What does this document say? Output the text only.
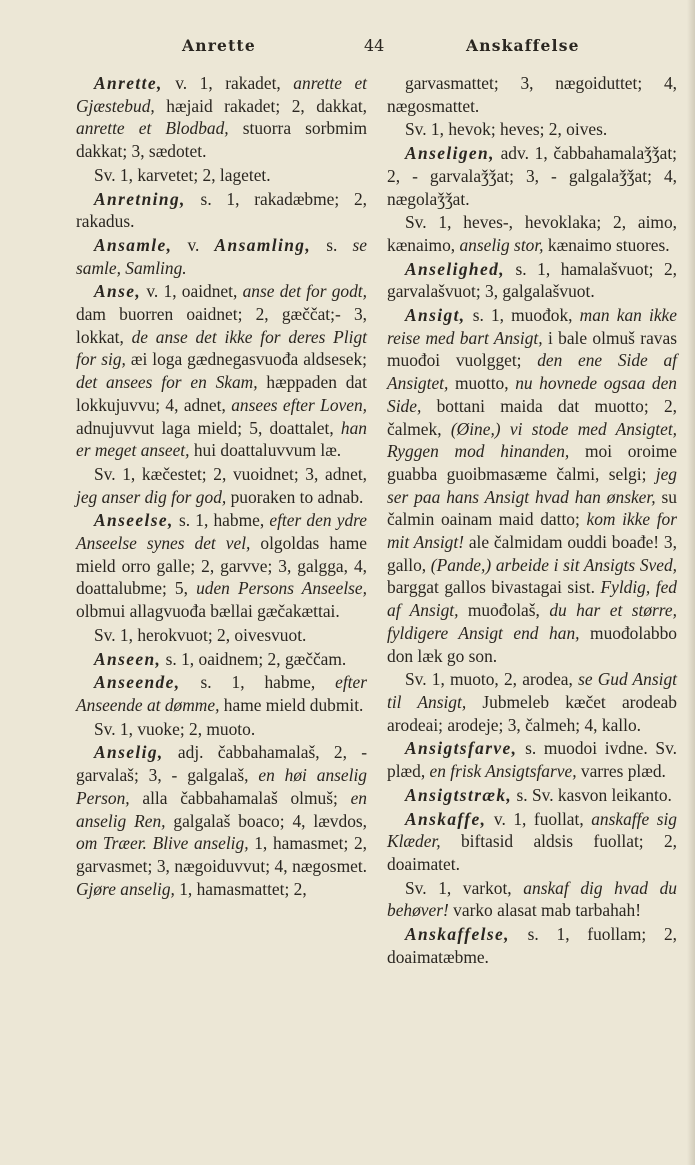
Anrette	44	Anskaffelse

Anrette, v. 1, rakadet, anrette et Gjæstebud, hæjaid rakadet; 2, dakkat, anrette et Blodbad, stuorra sorbmim dakkat; 3, sædotet.

Sv. 1, karvetet; 2, lagetet.

Anretning, s. 1, rakadæbme; 2, rakadus.

Ansamle, v. Ansamling, s. se samle, Samling.

Anse, v. 1, oaidnet, anse det for godt, dam buorren oaidnet; 2, gæččat;- 3, lokkat, de anse det ikke for deres Pligt for sig, æi loga gædnegasvuođa aldsesek; det ansees for en Skam, hæppaden dat lokkujuvvu; 4, adnet, ansees efter Loven, adnujuvvut laga mield; 5, doattalet, han er meget anseet, hui doattaluvvum læ.

Sv. 1, kæčestet; 2, vuoidnet; 3, adnet, jeg anser dig for god, puoraken to adnab.

Anseelse, s. 1, habme, efter den ydre Anseelse synes det vel, olgoldas hame mield orro galle; 2, garvve; 3, galgga, 4, doattalubme; 5, uden Persons Anseelse, olbmui allagvuođa bællai gæčakættai.

Sv. 1, herokvuot; 2, oivesvuot.

Anseen, s. 1, oaidnem; 2, gæččam.

Anseende, s. 1, habme, efter Anseende at dømme, hame mield dubmit.

Sv. 1, vuoke; 2, muoto.

Anselig, adj. čabbahamalaš, 2, - garvalaš; 3, - galgalaš, en høi anselig Person, alla čabbahamalaš olmuš; en anselig Ren, galgalaš boaco; 4, lævdos, om Træer. Blive anselig, 1, hamasmet; 2, garvasmet; 3, nægoiduvvut; 4, nægosmet. Gjøre anselig, 1, hamasmattet; 2,

garvasmattet; 3, nægoiduttet; 4, nægosmattet.

Sv. 1, hevok; heves; 2, oives.

Anseligen, adv. 1, čabbahamalaǯǯat; 2, - garvalaǯǯat; 3, - galgalaǯǯat; 4, nægolaǯǯat.

Sv. 1, heves-, hevoklaka; 2, aimo, kænaimo, anselig stor, kænaimo stuores.

Anselighed, s. 1, hamalašvuot; 2, garvalašvuot; 3, galgalašvuot.

Ansigt, s. 1, muođok, man kan ikke reise med bart Ansigt, i bale olmuš ravas muođoi vuolgget; den ene Side af Ansigtet, muotto, nu hovnede ogsaa den Side, bottani maida dat muotto; 2, čalmek, (Øine,) vi stode med Ansigtet, Ryggen mod hinanden, moi oroime guabba guoibmasæme čalmi, selgi; jeg ser paa hans Ansigt hvad han ønsker, su čalmin oainam maid datto; kom ikke for mit Ansigt! ale čalmidam ouddi boađe! 3, gallo, (Pande,) arbeide i sit Ansigts Sved, barggat gallos bivastagai sist. Fyldig, fed af Ansigt, muođolaš, du har et større, fyldigere Ansigt end han, muođolabbo don læk go son.

Sv. 1, muoto, 2, arodea, se Gud Ansigt til Ansigt, Jubmeleb kæčet arodeab arodeai; arodeje; 3, čalmeh; 4, kallo.

Ansigtsfarve, s. muodoi ivdne. Sv. plæd, en frisk Ansigtsfarve, varres plæd.

Ansigtstræk, s. Sv. kasvon leikanto.

Anskaffe, v. 1, fuollat, anskaffe sig Klæder, biftasid aldsis fuollat; 2, doaimatet.

Sv. 1, varkot, anskaf dig hvad du behøver! varko alasat mab tarbahah!

Anskaffelse, s. 1, fuollam; 2, doaimatæbme.
